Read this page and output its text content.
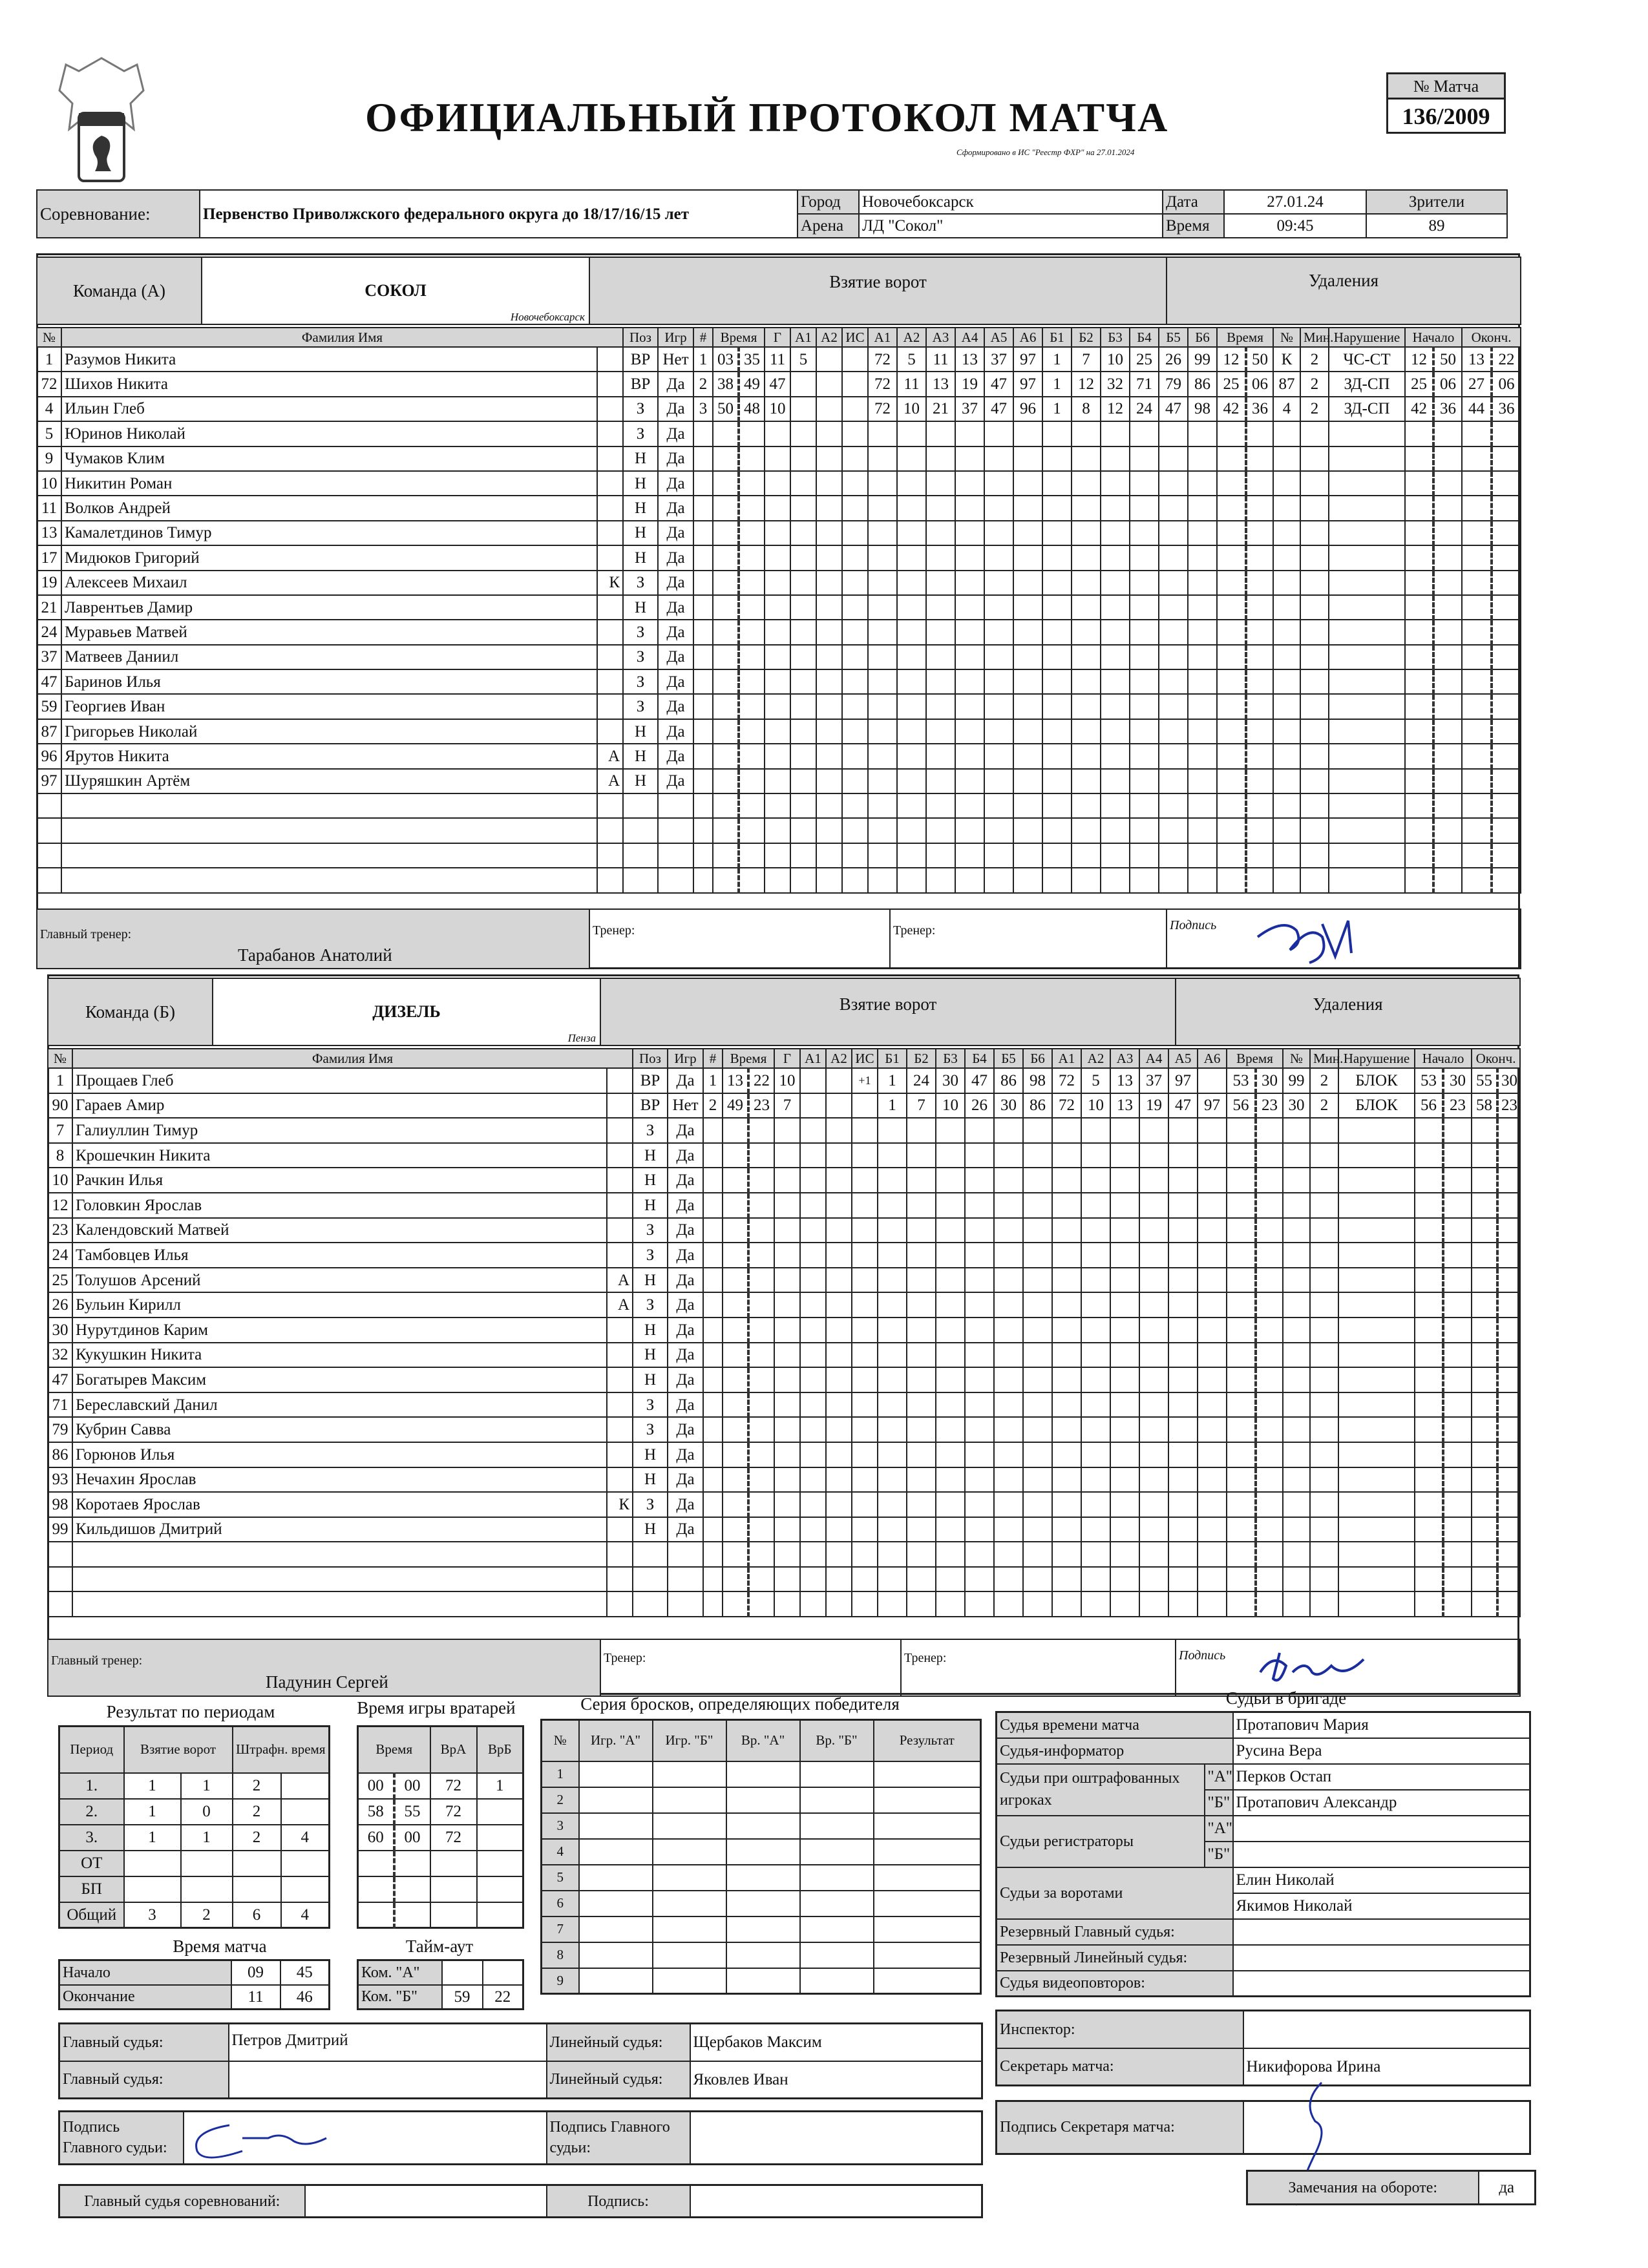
ОФИЦИАЛЬНЫЙ ПРОТОКОЛ МАТЧА
Сформировано в ИС "Реестр ФХР" на 27.01.2024
№ Матча
136/2009
Соревнование:	Первенство Приволжского федерального округа до 18/17/16/15 лет	Город	Новочебоксарск	Дата	27.01.24	Зрители
		Арена	ЛД "Сокол"	Время	09:45	89
Команда (А)	СОКОЛ
Новочебоксарск
	Взятие ворот	Удаления
№	Фамилия Имя		Поз	Игр	#	Время		Г	А1	А2	ИС	А1	А2	А3	А4	А5	А6	Б1	Б2	Б3	Б4	Б5	Б6	Время		№	Мин.	Нарушение	Начало		Оконч.	
1	Разумов Никита		ВР	Нет	1	03	35	11	5			72	5	11	13	37	97	1	7	10	25	26	99	12	50	К	2	ЧС-СТ	12	50	13	22
72	Шихов Никита		ВР	Да	2	38	49	47				72	11	13	19	47	97	1	12	32	71	79	86	25	06	87	2	ЗД-СП	25	06	27	06
4	Ильин Глеб		З	Да	3	50	48	10				72	10	21	37	47	96	1	8	12	24	47	98	42	36	4	2	ЗД-СП	42	36	44	36
5	Юринов Николай		З	Да																												
9	Чумаков Клим		Н	Да																												
10	Никитин Роман		Н	Да																												
11	Волков Андрей		Н	Да																												
13	Камалетдинов Тимур		Н	Да																												
17	Мидюков Григорий		Н	Да																												
19	Алексеев Михаил	К	З	Да																												
21	Лаврентьев Дамир		Н	Да																												
24	Муравьев Матвей		З	Да																												
37	Матвеев Даниил		З	Да																												
47	Баринов Илья		З	Да																												
59	Георгиев Иван		З	Да																												
87	Григорьев Николай		Н	Да																												
96	Ярутов Никита	А	Н	Да																												
97	Шуряшкин Артём	А	Н	Да																												

Главный тренер:
Тарабанов Анатолий
	Тренер:	Тренер:	Подпись
Команда (Б)	ДИЗЕЛЬ
Пенза
	Взятие ворот	Удаления
№	Фамилия Имя		Поз	Игр	#	Время		Г	А1	А2	ИС	Б1	Б2	Б3	Б4	Б5	Б6	А1	А2	А3	А4	А5	А6	Время		№	Мин.	Нарушение	Начало		Оконч.	
1	Прощаев Глеб		ВР	Да	1	13	22	10			+1	1	24	30	47	86	98	72	5	13	37	97		53	30	99	2	БЛОК	53	30	55	30
90	Гараев Амир		ВР	Нет	2	49	23	7				1	7	10	26	30	86	72	10	13	19	47	97	56	23	30	2	БЛОК	56	23	58	23
7	Галиуллин Тимур		З	Да																												
8	Крошечкин Никита		Н	Да																												
10	Рачкин Илья		Н	Да																												
12	Головкин Ярослав		Н	Да																												
23	Календовский Матвей		З	Да																												
24	Тамбовцев Илья		З	Да																												
25	Толушов Арсений	А	Н	Да																												
26	Бульин Кирилл	А	З	Да																												
30	Нурутдинов Карим		Н	Да																												
32	Кукушкин Никита		Н	Да																												
47	Богатырев Максим		Н	Да																												
71	Береславский Данил		З	Да																												
79	Кубрин Савва		З	Да																												
86	Горюнов Илья		Н	Да																												
93	Нечахин Ярослав		Н	Да																												
98	Коротаев Ярослав	К	З	Да																												
99	Кильдишов Дмитрий		Н	Да																												

Главный тренер:
Падунин Сергей
	Тренер:	Тренер:	Подпись
Результат по периодам
Период	Взятие ворот		Штрафн. время	
1.	1	1	2	
2.	1	0	2	
3.	1	1	2	4
ОТ				
БП				
Общий	3	2	6	4
Время игры вратарей
Время		ВрА	ВрБ
00	00	72	1
58	55	72	
60	00	72	

Серия бросков, определяющих победителя
№	Игр. "А"	Игр. "Б"	Вр. "А"	Вр. "Б"	Результат
1					
2					
3					
4					
5					
6					
7					
8					
9					
Время матча
Начало	09	45
Окончание	11	46
Тайм-аут
Ком. "А"		
Ком. "Б"	59	22
Судьи в бригаде
Судья времени матча		Протапович Мария
Судья-информатор		Русина Вера
Судьи при оштрафованных игроках	"А"	Перков Остап
	"Б"	Протапович Александр
Судьи регистраторы	"А"	
	"Б"	
Судьи за воротами		Елин Николай
		Якимов Николай
Резервный Главный судья:		
Резервный Линейный судья:		
Судья видеоповторов:		
Главный судья:	Петров Дмитрий	Линейный судья:	Щербаков Максим
Главный судья:		Линейный судья:	Яковлев Иван
Инспектор:	
Секретарь матча:	Никифорова Ирина
Подпись Главного судьи:	
	Подпись Главного судьи:	
Подпись Секретаря матча:	
Главный судья соревнований:		Подпись:	
Замечания на обороте:	да
